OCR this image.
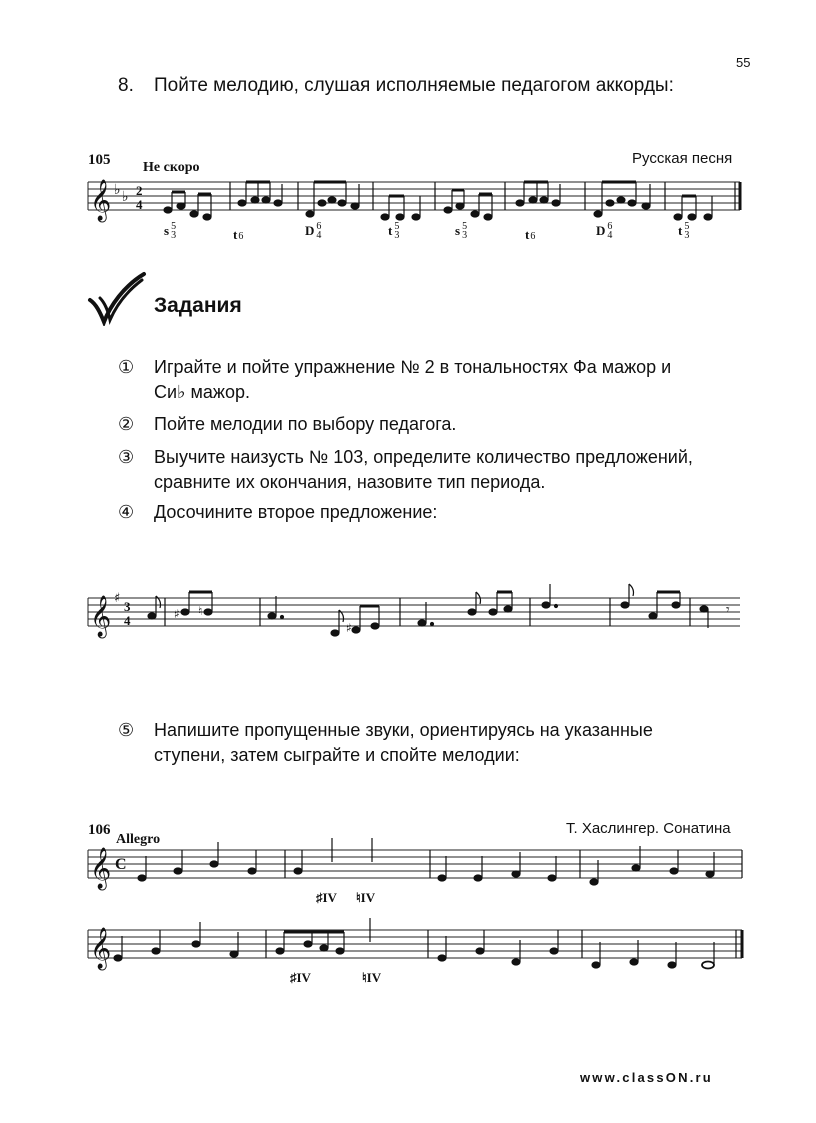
55
8. Пойте мелодию, слушая исполняемые педагогом аккорды:
105 Не скоро
Русская песня
𝄞 ♭ ♭ 2
4
s 5
3	t6	D 6
4	t 5
3	s 5
3	t6	D 6
4	t 5
3
Задания
① Играйте и пойте упражнение № 2 в тональностях Фа мажор и Си♭ мажор.
② Пойте мелодии по выбору педагога.
③ Выучите наизусть № 103, определите количество предложений, сравните их окончания, назовите тип периода.
④ Досочините второе предложение:
𝄞 ♯
3
4	♯ ♮
♯
𝄾
⑤ Напишите пропущенные звуки, ориентируясь на указанные ступени, затем сыграйте и спойте мелодии:
106
Allegro
Т. Хаслингер. Сонатина
𝄞 C
♯IV ♮IV
𝄞
♯IV	♮IV
www.classON.ru
